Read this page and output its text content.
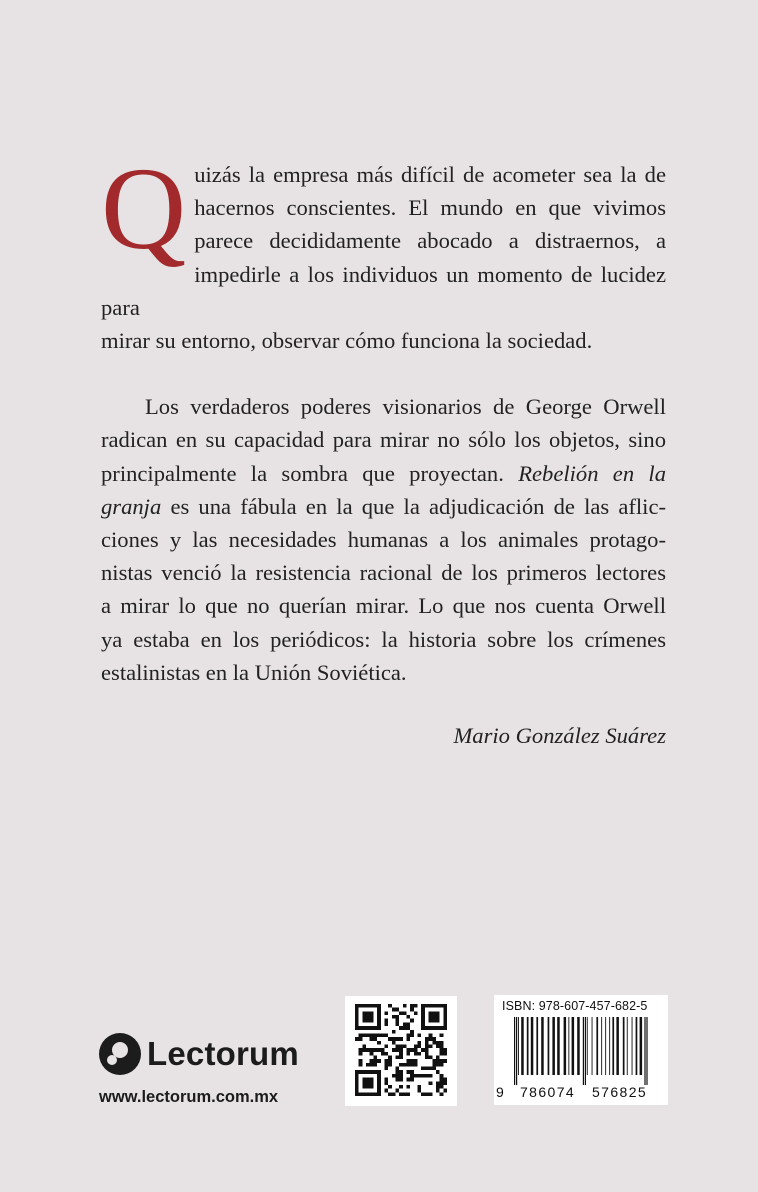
Q uizás la empresa más difícil de acometer sea la de
hacernos conscientes. El mundo en que vivimos
parece decididamente abocado a distraernos, a
impedirle a los individuos un momento de lucidez para
mirar su entorno, observar cómo funciona la sociedad.

Los verdaderos poderes visionarios de George Orwell
radican en su capacidad para mirar no sólo los objetos, sino
principalmente la sombra que proyectan. Rebelión en la
granja es una fábula en la que la adjudicación de las aflic-
ciones y las necesidades humanas a los animales protago-
nistas venció la resistencia racional de los primeros lectores
a mirar lo que no querían mirar. Lo que nos cuenta Orwell
ya estaba en los periódicos: la historia sobre los crímenes
estalinistas en la Unión Soviética.

Mario González Suárez

Lectorum
www.lectorum.com.mx
ISBN: 978-607-457-682-5
9 786074 576825
